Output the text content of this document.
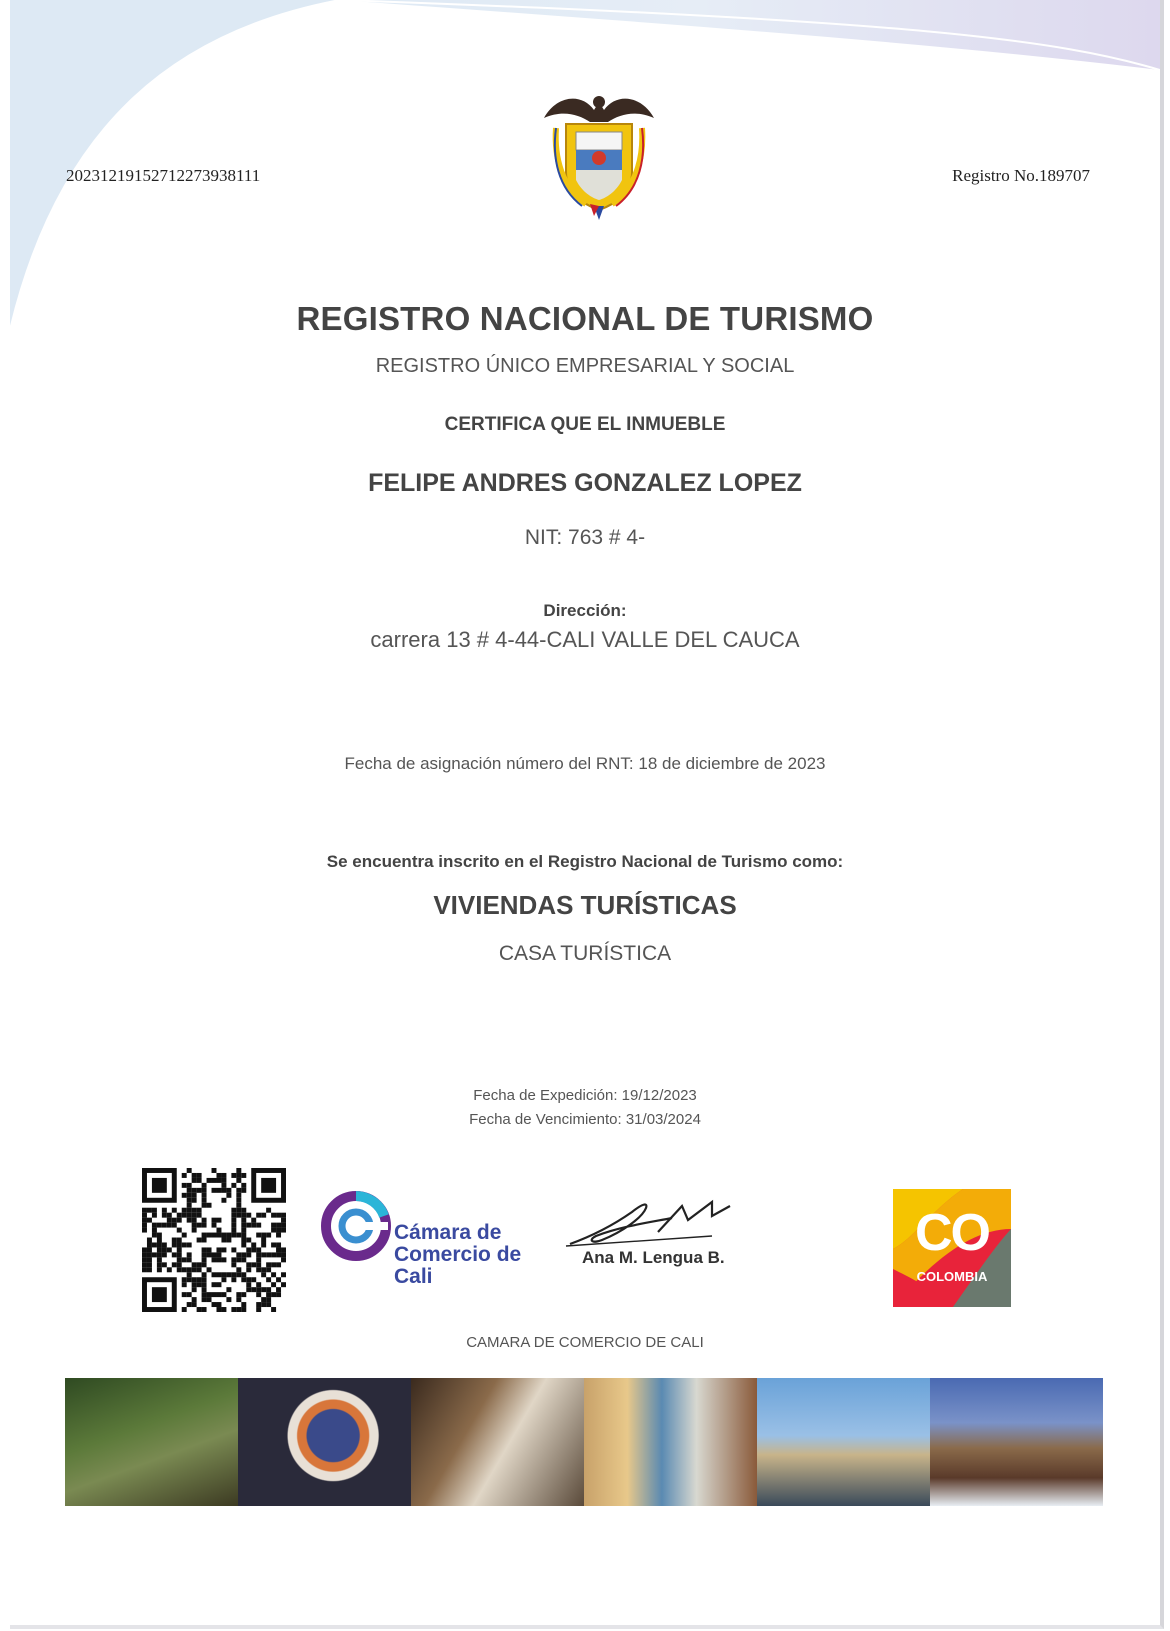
20231219152712273938111	Registro No.189707
REGISTRO NACIONAL DE TURISMO
REGISTRO ÚNICO EMPRESARIAL Y SOCIAL
CERTIFICA QUE EL INMUEBLE
FELIPE ANDRES GONZALEZ LOPEZ
NIT: 763 # 4-
Dirección:
carrera 13 # 4-44-CALI VALLE DEL CAUCA
Fecha de asignación número del RNT: 18 de diciembre de 2023
Se encuentra inscrito en el Registro Nacional de Turismo como:
VIVIENDAS TURÍSTICAS
CASA TURÍSTICA
Fecha de Expedición: 19/12/2023
Fecha de Vencimiento: 31/03/2024
Cámara de
Comercio de
Cali
Ana M. Lengua B.	CO
COLOMBIA
CAMARA DE COMERCIO DE CALI
